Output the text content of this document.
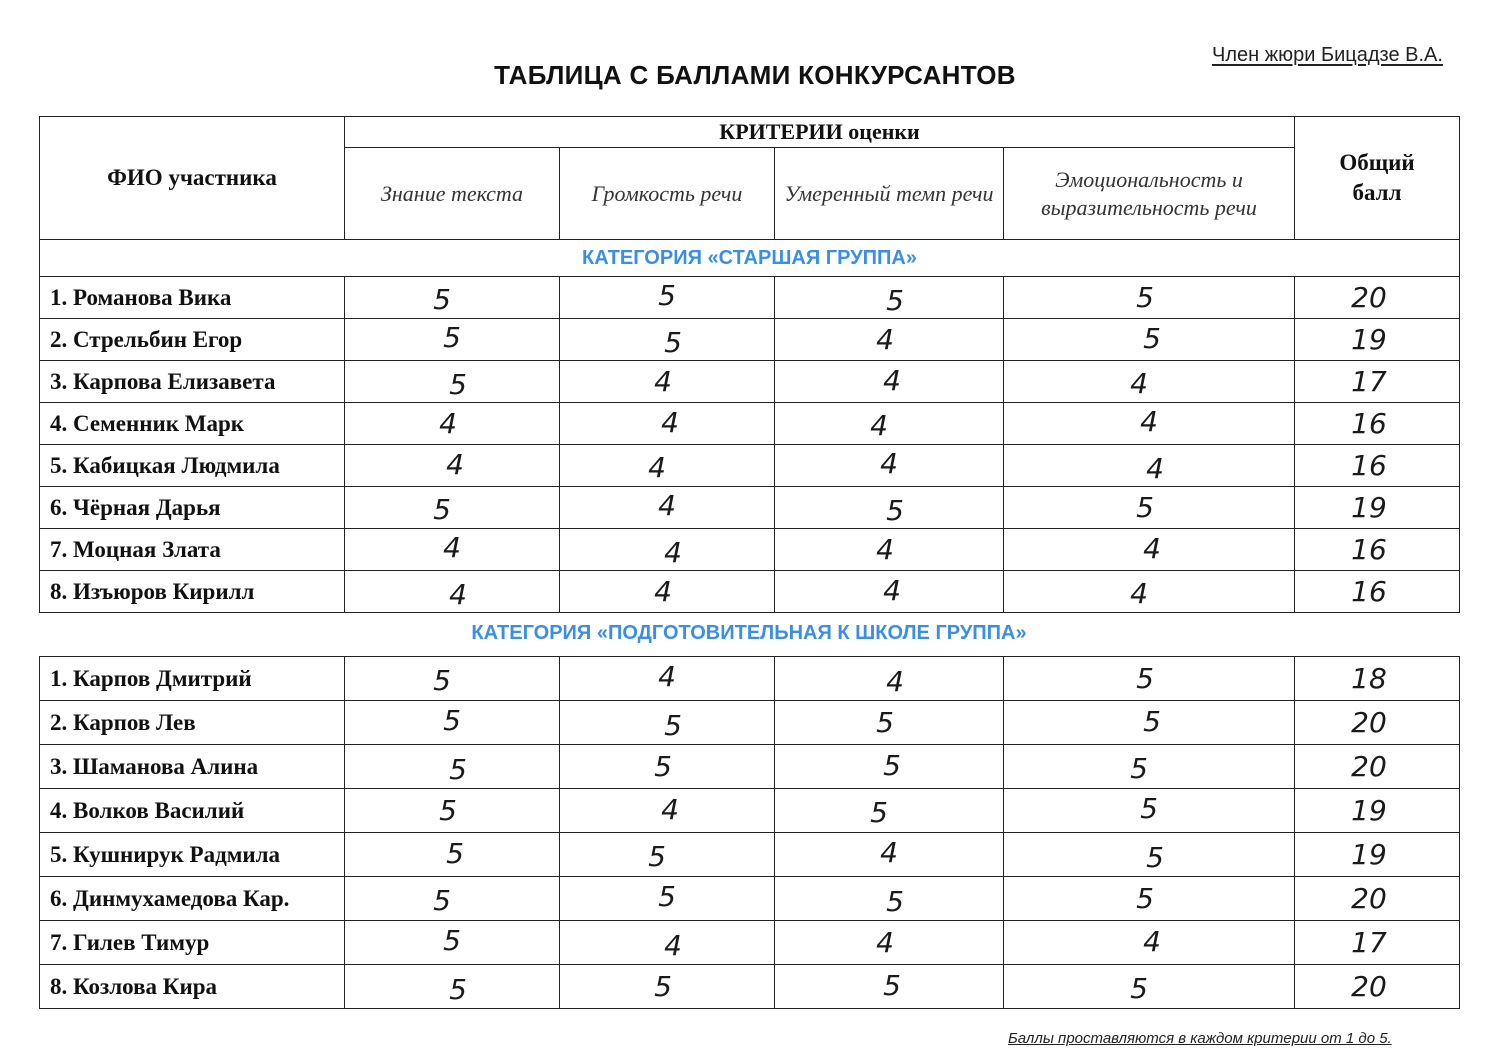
Член жюри Бицадзе В.А.
ТАБЛИЦА С БАЛЛАМИ КОНКУРСАНТОВ
ФИО участника	КРИТЕРИИ оценки				Общий балл

	Знание текста	Громкость речи	Умеренный темп речи	Эмоциональность и выразительность речи	

КАТЕГОРИЯ «СТАРШАЯ ГРУППА»					
1. Романова Вика	5	5	5	5	20
2. Стрельбин Егор	5	5	4	5	19
3. Карпова Елизавета	5	4	4	4	17
4. Семенник Марк	4	4	4	4	16
5. Кабицкая Людмила	4	4	4	4	16
6. Чёрная Дарья	5	4	5	5	19
7. Моцная Злата	4	4	4	4	16
8. Изъюров Кирилл	4	4	4	4	16
КАТЕГОРИЯ «ПОДГОТОВИТЕЛЬНАЯ К ШКОЛЕ ГРУППА»
1. Карпов Дмитрий	5	4	4	5	18
2. Карпов Лев	5	5	5	5	20
3. Шаманова Алина	5	5	5	5	20
4. Волков Василий	5	4	5	5	19
5. Кушнирук Радмила	5	5	4	5	19
6. Динмухамедова Кар.	5	5	5	5	20
7. Гилев Тимур	5	4	4	4	17
8. Козлова Кира	5	5	5	5	20
Баллы проставляются в каждом критерии от 1 до 5.
